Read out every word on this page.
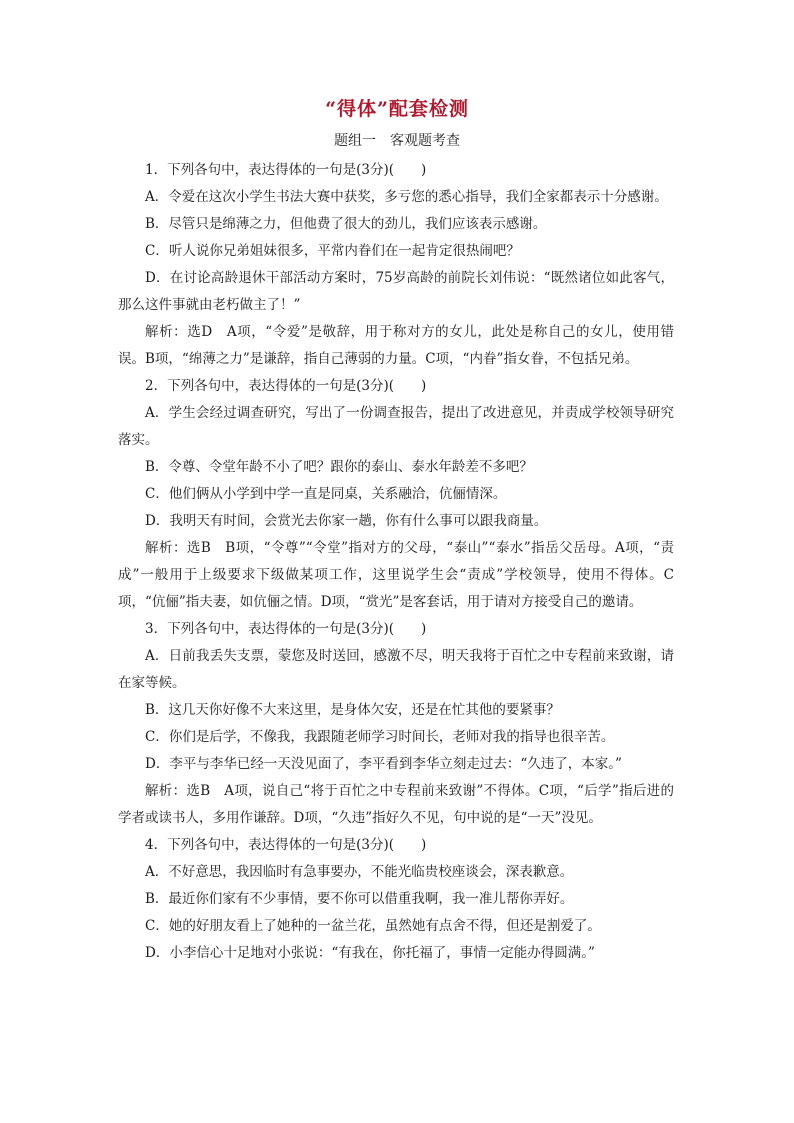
“得体”配套检测
题组一　客观题考查

1．下列各句中，表达得体的一句是(3分)(　　)

A．令爱在这次小学生书法大赛中获奖，多亏您的悉心指导，我们全家都表示十分感谢。

B．尽管只是绵薄之力，但他费了很大的劲儿，我们应该表示感谢。

C．听人说你兄弟姐妹很多，平常内眷们在一起肯定很热闹吧？

D．在讨论高龄退休干部活动方案时，75岁高龄的前院长刘伟说：“既然诸位如此客气，那么这件事就由老朽做主了！”

解析：选D　A项，“令爱”是敬辞，用于称对方的女儿，此处是称自己的女儿，使用错误。B项，“绵薄之力”是谦辞，指自己薄弱的力量。C项，“内眷”指女眷，不包括兄弟。

2．下列各句中，表达得体的一句是(3分)(　　)

A．学生会经过调查研究，写出了一份调查报告，提出了改进意见，并责成学校领导研究落实。

B．令尊、令堂年龄不小了吧？跟你的泰山、泰水年龄差不多吧？

C．他们俩从小学到中学一直是同桌，关系融洽，伉俪情深。

D．我明天有时间，会赏光去你家一趟，你有什么事可以跟我商量。

解析：选B　B项，“令尊”“令堂”指对方的父母，“泰山”“泰水”指岳父岳母。A项，“责成”一般用于上级要求下级做某项工作，这里说学生会“责成”学校领导，使用不得体。C项，“伉俪”指夫妻，如伉俪之情。D项，“赏光”是客套话，用于请对方接受自己的邀请。

3．下列各句中，表达得体的一句是(3分)(　　)

A．日前我丢失支票，蒙您及时送回，感激不尽，明天我将于百忙之中专程前来致谢，请在家等候。

B．这几天你好像不大来这里，是身体欠安，还是在忙其他的要紧事？

C．你们是后学，不像我，我跟随老师学习时间长，老师对我的指导也很辛苦。

D．李平与李华已经一天没见面了，李平看到李华立刻走过去：“久违了，本家。”

解析：选B　A项，说自己“将于百忙之中专程前来致谢”不得体。C项，“后学”指后进的学者或读书人，多用作谦辞。D项，“久违”指好久不见，句中说的是“一天”没见。

4．下列各句中，表达得体的一句是(3分)(　　)

A．不好意思，我因临时有急事要办，不能光临贵校座谈会，深表歉意。

B．最近你们家有不少事情，要不你可以借重我啊，我一准儿帮你弄好。

C．她的好朋友看上了她种的一盆兰花，虽然她有点舍不得，但还是割爱了。

D．小李信心十足地对小张说：“有我在，你托福了，事情一定能办得圆满。”
